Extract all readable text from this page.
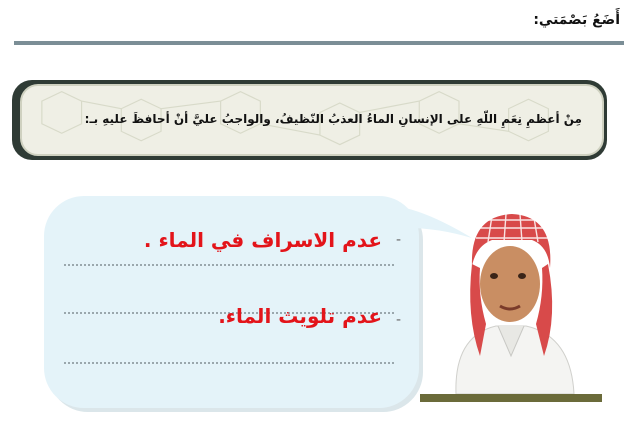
أَضَعُ بَصْمَتي:
مِنْ أعظمِ نِعَمِ اللّهِ على الإنسانِ الماءُ العذبُ النّظيفُ، والواجبُ عليَّ أنْ أحافظَ عليهِ بـ:
-
عدم الاسراف في الماء .
-
عدم تلويث الماء.
